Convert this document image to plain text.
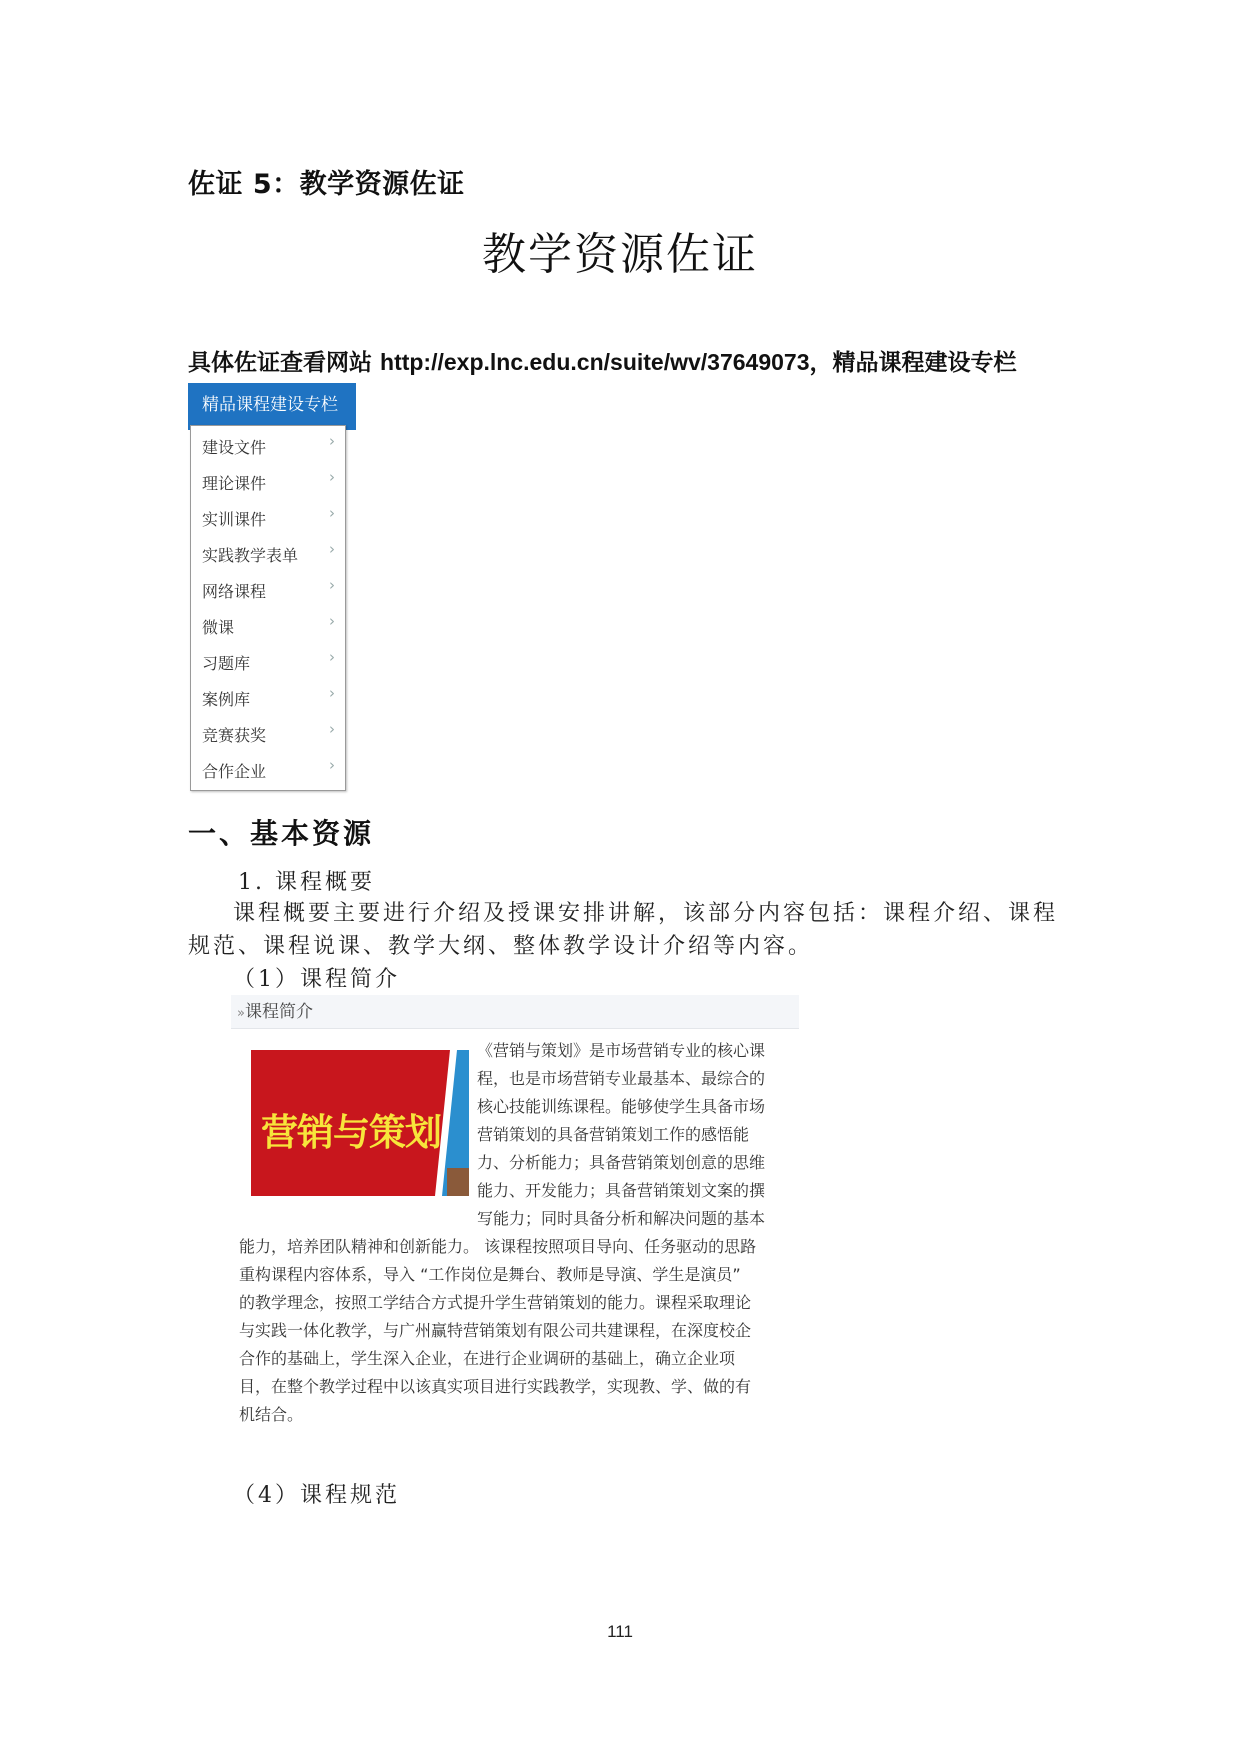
佐证 5：教学资源佐证
教学资源佐证
具体佐证查看网站 http://exp.lnc.edu.cn/suite/wv/37649073，精品课程建设专栏
精品课程建设专栏
建设文件	›
理论课件	›
实训课件	›
实践教学表单 ›
网络课程	›
微课	›
习题库	›
案例库	›
竞赛获奖	›
合作企业	›
一、基本资源
1. 课程概要
课程概要主要进行介绍及授课安排讲解，该部分内容包括：课程介绍、课程
规范、课程说课、教学大纲、整体教学设计介绍等内容。
（1）课程简介
»课程简介
营销与策划
《营销与策划》是市场营销专业的核心课
程，也是市场营销专业最基本、最综合的
核心技能训练课程。能够使学生具备市场
营销策划的具备营销策划工作的感悟能
力、分析能力；具备营销策划创意的思维
能力、开发能力；具备营销策划文案的撰
写能力；同时具备分析和解决问题的基本
能力，培养团队精神和创新能力。 该课程按照项目导向、任务驱动的思路
重构课程内容体系，导入 “工作岗位是舞台、教师是导演、学生是演员”
的教学理念，按照工学结合方式提升学生营销策划的能力。课程采取理论
与实践一体化教学，与广州赢特营销策划有限公司共建课程，在深度校企
合作的基础上，学生深入企业，在进行企业调研的基础上，确立企业项
目，在整个教学过程中以该真实项目进行实践教学，实现教、学、做的有
机结合。
（4）课程规范
111
